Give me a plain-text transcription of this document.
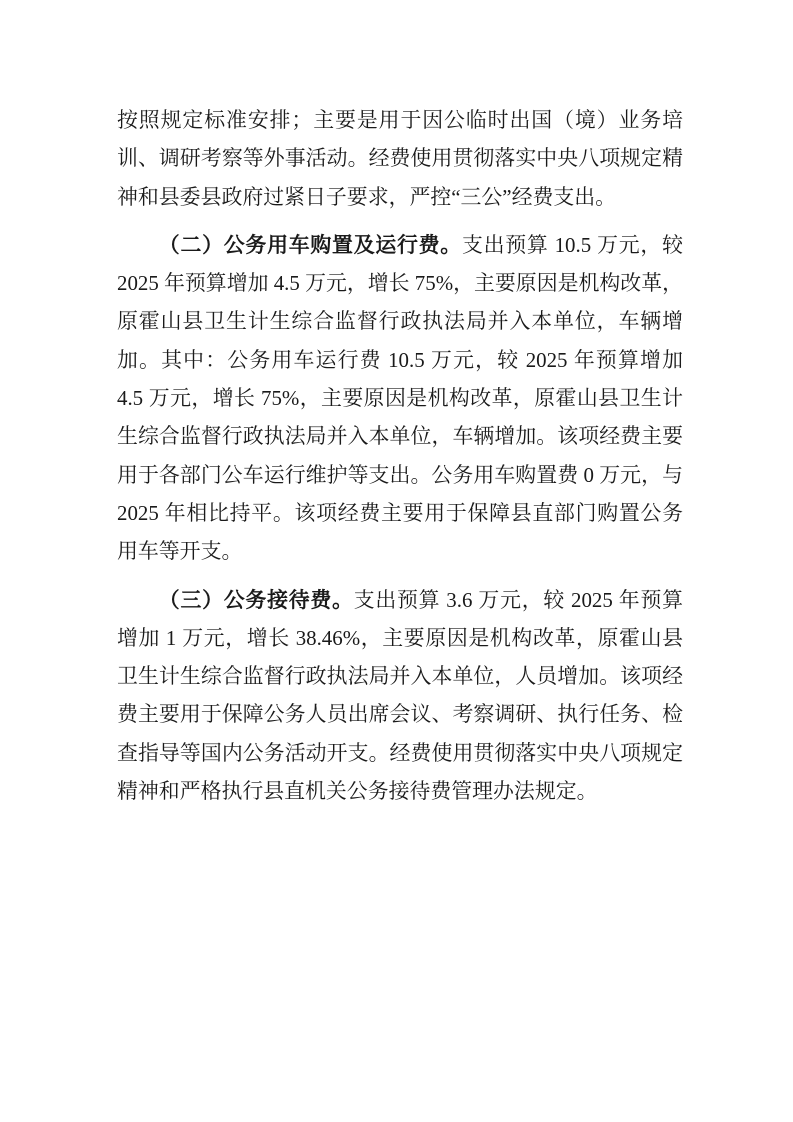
按照规定标准安排；主要是用于因公临时出国（境）业务培训、调研考察等外事活动。经费使用贯彻落实中央八项规定精神和县委县政府过紧日子要求，严控“三公”经费支出。

（二）公务用车购置及运行费。支出预算 10.5 万元，较 2025 年预算增加 4.5 万元，增长 75%，主要原因是机构改革，原霍山县卫生计生综合监督行政执法局并入本单位，车辆增加。其中：公务用车运行费 10.5 万元，较 2025 年预算增加 4.5 万元，增长 75%，主要原因是机构改革，原霍山县卫生计生综合监督行政执法局并入本单位，车辆增加。该项经费主要用于各部门公车运行维护等支出。公务用车购置费 0 万元，与 2025 年相比持平。该项经费主要用于保障县直部门购置公务用车等开支。

（三）公务接待费。支出预算 3.6 万元，较 2025 年预算增加 1 万元，增长 38.46%，主要原因是机构改革，原霍山县卫生计生综合监督行政执法局并入本单位，人员增加。该项经费主要用于保障公务人员出席会议、考察调研、执行任务、检查指导等国内公务活动开支。经费使用贯彻落实中央八项规定精神和严格执行县直机关公务接待费管理办法规定。
